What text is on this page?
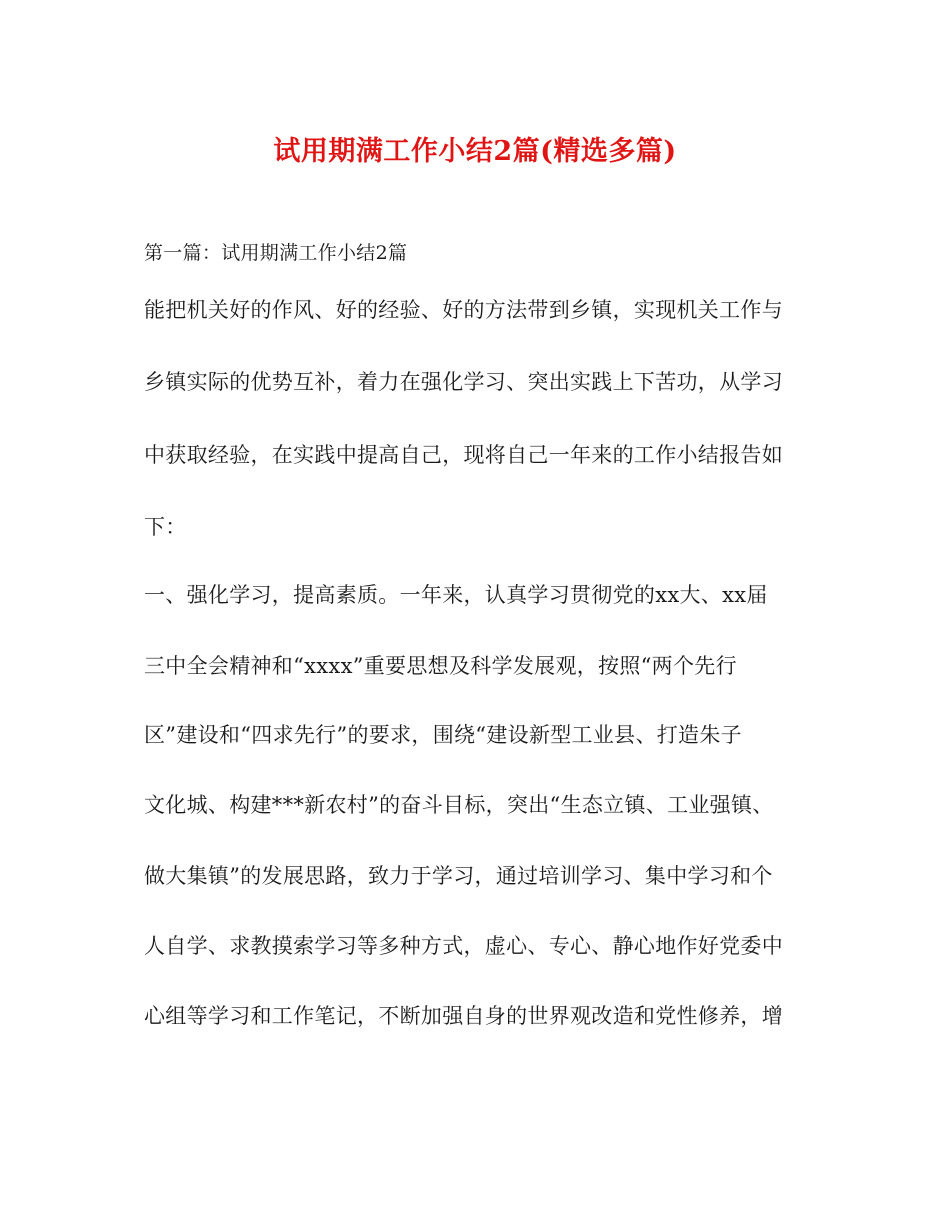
试用期满工作小结2篇(精选多篇)
第一篇：试用期满工作小结2篇
能把机关好的作风、好的经验、好的方法带到乡镇，实现机关工作与
乡镇实际的优势互补，着力在强化学习、突出实践上下苦功，从学习
中获取经验，在实践中提高自己，现将自己一年来的工作小结报告如
下：
一、强化学习，提高素质。一年来，认真学习贯彻党的xx大、xx届
三中全会精神和“xxxx”重要思想及科学发展观，按照“两个先行
区”建设和“四求先行”的要求，围绕“建设新型工业县、打造朱子
文化城、构建***新农村”的奋斗目标，突出“生态立镇、工业强镇、
做大集镇”的发展思路，致力于学习，通过培训学习、集中学习和个
人自学、求教摸索学习等多种方式，虚心、专心、静心地作好党委中
心组等学习和工作笔记，不断加强自身的世界观改造和党性修养，增
